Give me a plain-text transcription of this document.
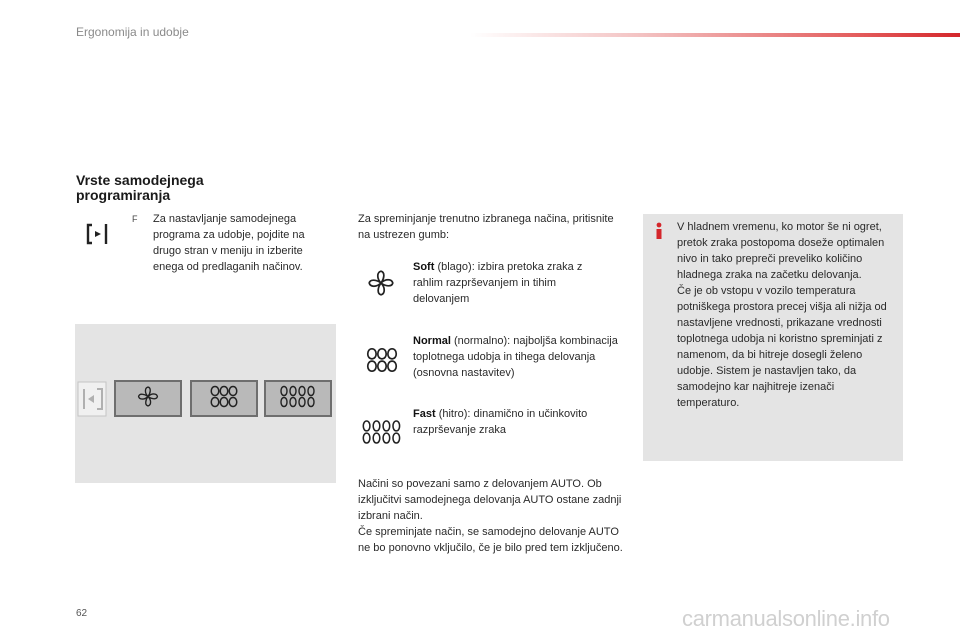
Ergonomija in udobje
Vrste samodejnega programiranja
F Za nastavljanje samodejnega programa za udobje, pojdite na drugo stran v meniju in izberite enega od predlaganih načinov.
Za spreminjanje trenutno izbranega načina, pritisnite na ustrezen gumb:
Soft (blago): izbira pretoka zraka z rahlim razprševanjem in tihim delovanjem
Normal (normalno): najboljša kombinacija toplotnega udobja in tihega delovanja (osnovna nastavitev)
Fast (hitro): dinamično in učinkovito razprševanje zraka
Načini so povezani samo z delovanjem AUTO. Ob izključitvi samodejnega delovanja AUTO ostane zadnji izbrani način.
Če spreminjate način, se samodejno delovanje AUTO ne bo ponovno vključilo, če je bilo pred tem izključeno.
V hladnem vremenu, ko motor še ni ogret, pretok zraka postopoma doseže optimalen nivo in tako prepreči preveliko količino hladnega zraka na začetku delovanja.
Če je ob vstopu v vozilo temperatura potniškega prostora precej višja ali nižja od nastavljene vrednosti, prikazane vrednosti toplotnega udobja ni koristno spreminjati z namenom, da bi hitreje dosegli želeno udobje. Sistem je nastavljen tako, da samodejno kar najhitreje izenači temperaturo.
62	carmanualsonline.info
